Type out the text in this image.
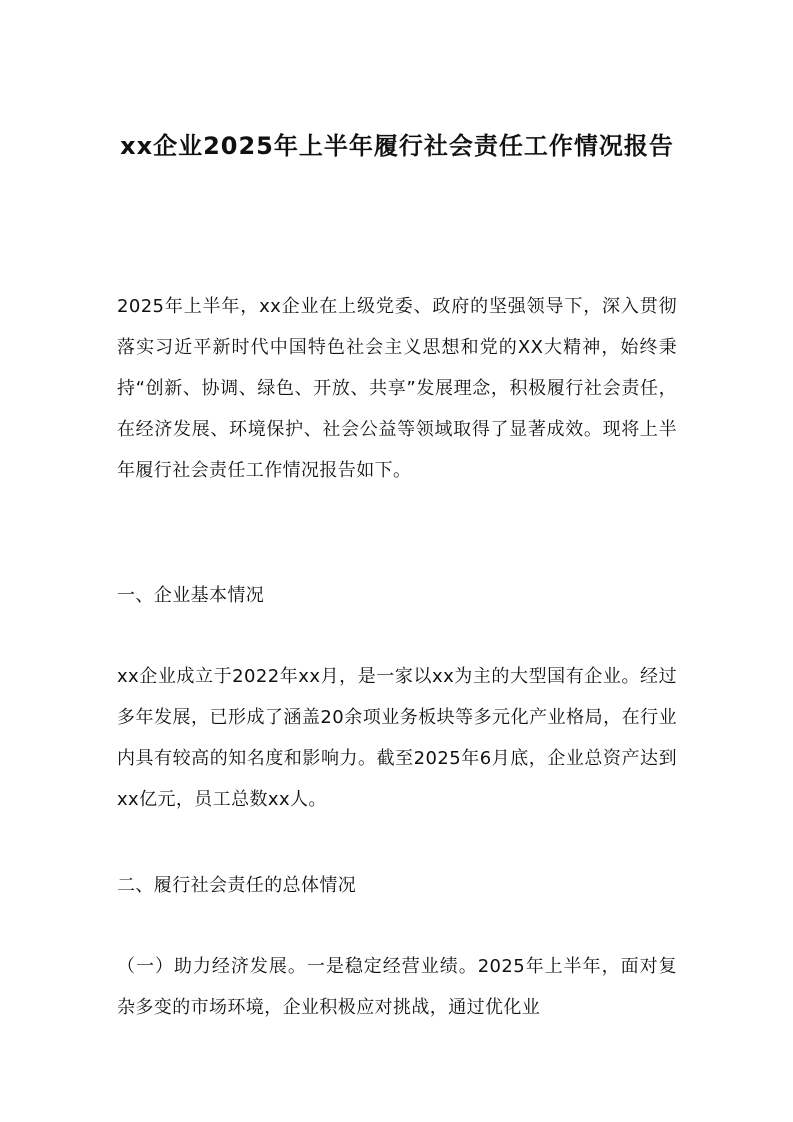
xx企业2025年上半年履行社会责任工作情况报告

2025年上半年，xx企业在上级党委、政府的坚强领导下，深入贯彻落实习近平新时代中国特色社会主义思想和党的XX大精神，始终秉持“创新、协调、绿色、开放、共享”发展理念，积极履行社会责任，在经济发展、环境保护、社会公益等领域取得了显著成效。现将上半年履行社会责任工作情况报告如下。

一、企业基本情况

xx企业成立于2022年xx月，是一家以xx为主的大型国有企业。经过多年发展，已形成了涵盖20余项业务板块等多元化产业格局，在行业内具有较高的知名度和影响力。截至2025年6月底，企业总资产达到xx亿元，员工总数xx人。

二、履行社会责任的总体情况

（一）助力经济发展。一是稳定经营业绩。2025年上半年，面对复杂多变的市场环境，企业积极应对挑战，通过优化业
